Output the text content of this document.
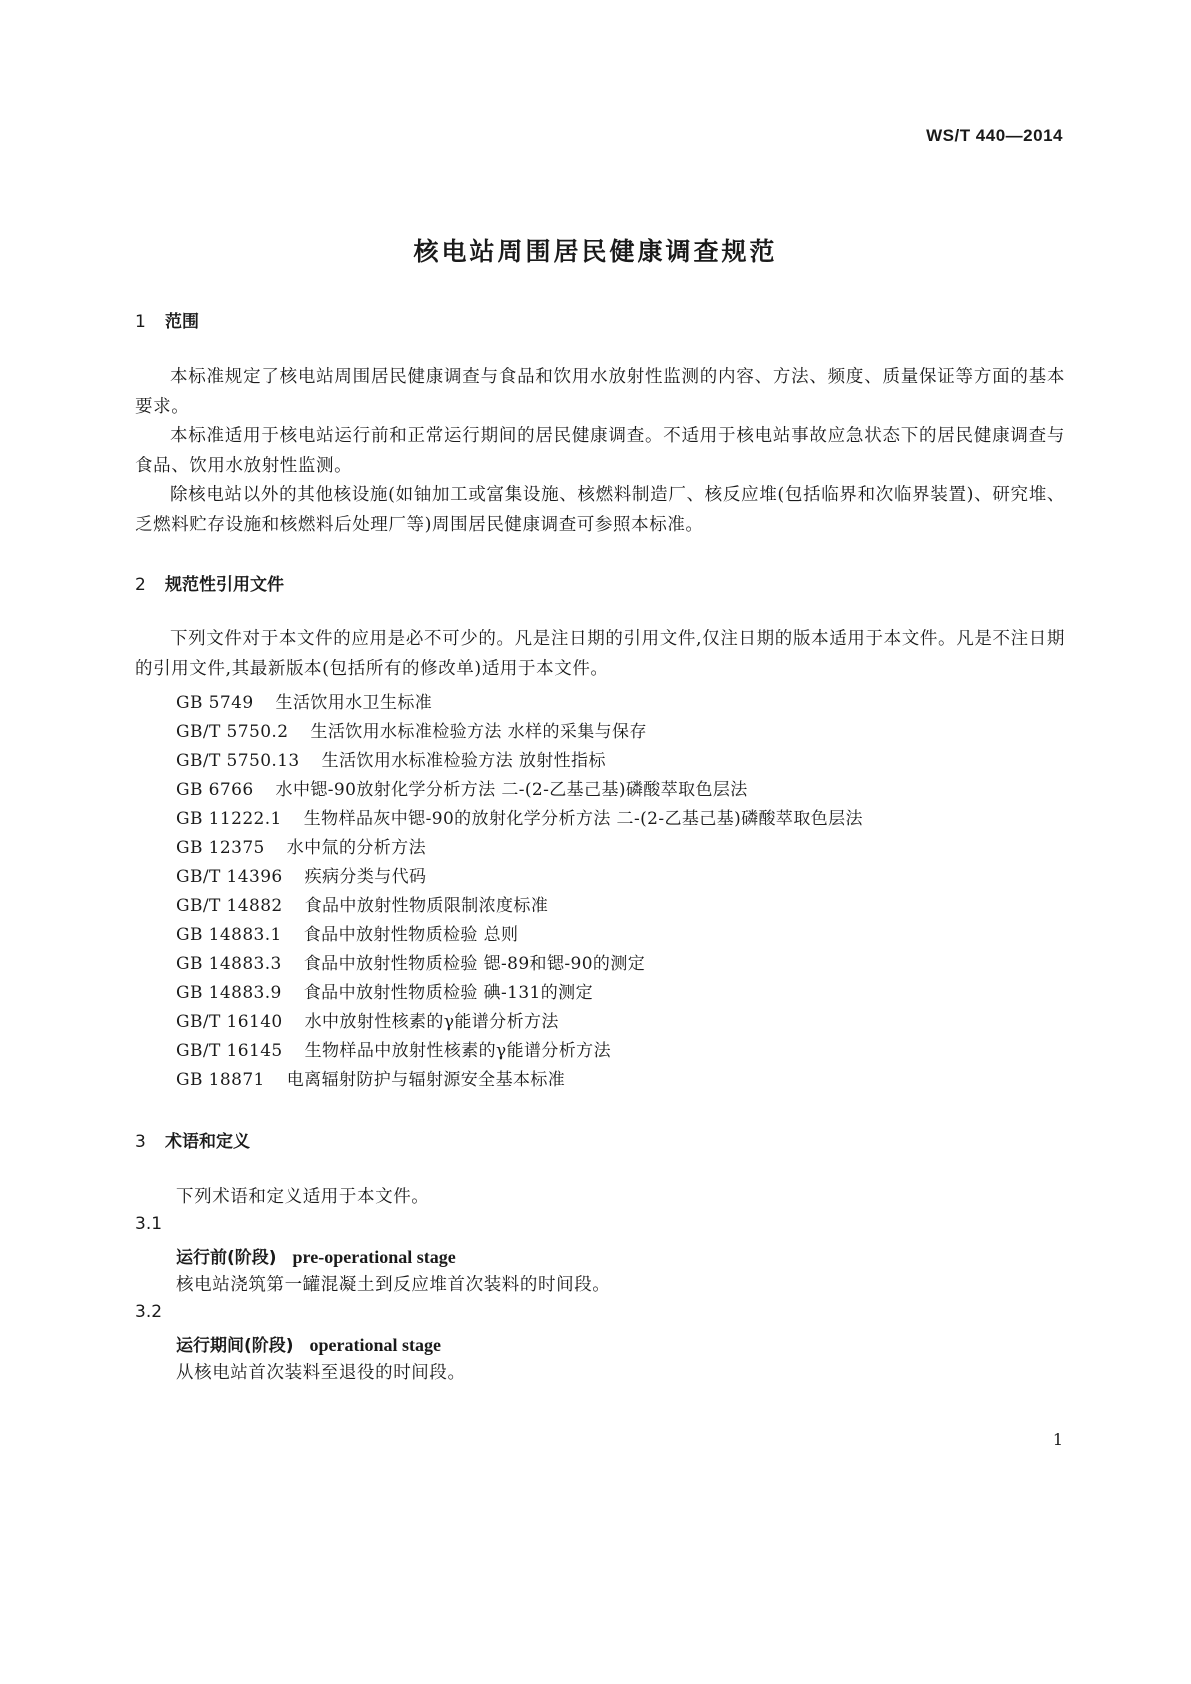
WS/T 440—2014
核电站周围居民健康调查规范
1 范围

本标准规定了核电站周围居民健康调查与食品和饮用水放射性监测的内容、方法、频度、质量保证等方面的基本要求。

本标准适用于核电站运行前和正常运行期间的居民健康调查。不适用于核电站事故应急状态下的居民健康调查与食品、饮用水放射性监测。

除核电站以外的其他核设施(如铀加工或富集设施、核燃料制造厂、核反应堆(包括临界和次临界装置)、研究堆、乏燃料贮存设施和核燃料后处理厂等)周围居民健康调查可参照本标准。

2 规范性引用文件

下列文件对于本文件的应用是必不可少的。凡是注日期的引用文件,仅注日期的版本适用于本文件。凡是不注日期的引用文件,其最新版本(包括所有的修改单)适用于本文件。

GB 5749 生活饮用水卫生标准
GB/T 5750.2 生活饮用水标准检验方法 水样的采集与保存
GB/T 5750.13 生活饮用水标准检验方法 放射性指标
GB 6766 水中锶-90放射化学分析方法 二-(2-乙基己基)磷酸萃取色层法
GB 11222.1 生物样品灰中锶-90的放射化学分析方法 二-(2-乙基己基)磷酸萃取色层法
GB 12375 水中氚的分析方法
GB/T 14396 疾病分类与代码
GB/T 14882 食品中放射性物质限制浓度标准
GB 14883.1 食品中放射性物质检验 总则
GB 14883.3 食品中放射性物质检验 锶-89和锶-90的测定
GB 14883.9 食品中放射性物质检验 碘-131的测定
GB/T 16140 水中放射性核素的γ能谱分析方法
GB/T 16145 生物样品中放射性核素的γ能谱分析方法
GB 18871 电离辐射防护与辐射源安全基本标准
3 术语和定义
下列术语和定义适用于本文件。
3.1
运行前(阶段) pre-operational stage
核电站浇筑第一罐混凝土到反应堆首次装料的时间段。
3.2
运行期间(阶段) operational stage
从核电站首次装料至退役的时间段。
1
